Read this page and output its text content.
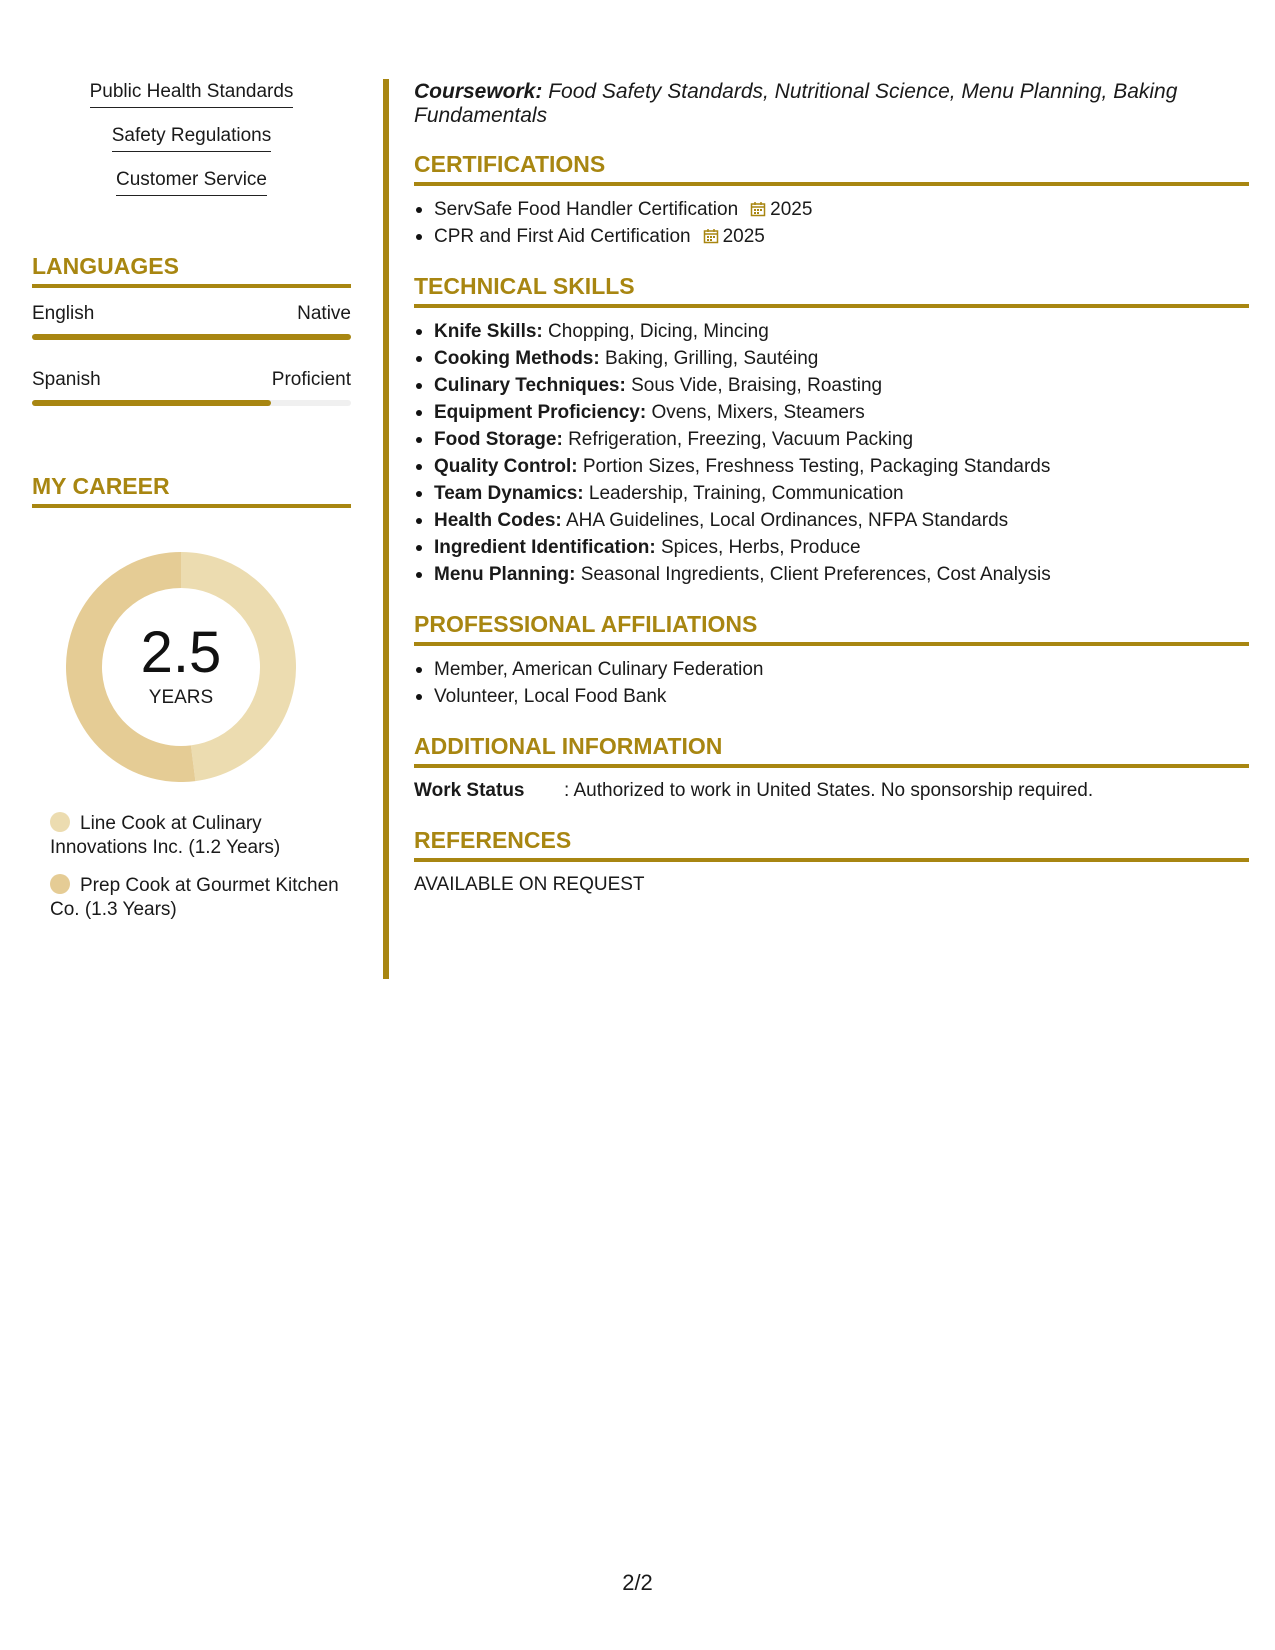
Public Health Standards
Safety Regulations
Customer Service
LANGUAGES
English	Native
Spanish	Proficient
MY CAREER
2.5
YEARS
Line Cook at Culinary Innovations Inc. (1.2 Years)
Prep Cook at Gourmet Kitchen Co. (1.3 Years)
Coursework: Food Safety Standards, Nutritional Science, Menu Planning, Baking Fundamentals
CERTIFICATIONS
ServSafe Food Handler Certification 2025
CPR and First Aid Certification 2025
TECHNICAL SKILLS
Knife Skills: Chopping, Dicing, Mincing
Cooking Methods: Baking, Grilling, Sautéing
Culinary Techniques: Sous Vide, Braising, Roasting
Equipment Proficiency: Ovens, Mixers, Steamers
Food Storage: Refrigeration, Freezing, Vacuum Packing
Quality Control: Portion Sizes, Freshness Testing, Packaging Standards
Team Dynamics: Leadership, Training, Communication
Health Codes: AHA Guidelines, Local Ordinances, NFPA Standards
Ingredient Identification: Spices, Herbs, Produce
Menu Planning: Seasonal Ingredients, Client Preferences, Cost Analysis
PROFESSIONAL AFFILIATIONS
Member, American Culinary Federation
Volunteer, Local Food Bank
ADDITIONAL INFORMATION
Work Status	: Authorized to work in United States. No sponsorship required.
REFERENCES
AVAILABLE ON REQUEST
2/2
